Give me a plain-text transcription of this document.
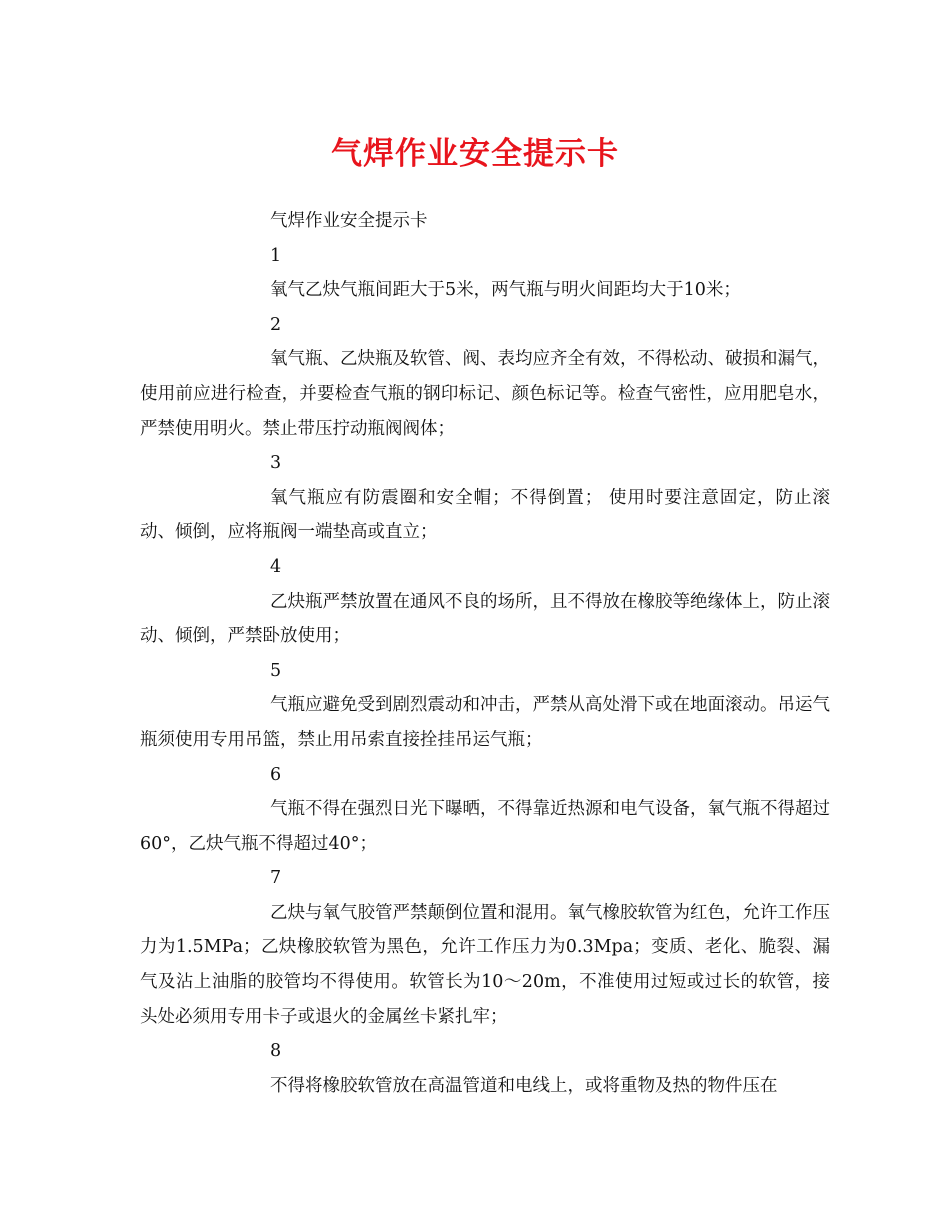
气焊作业安全提示卡

气焊作业安全提示卡

1

氧气乙炔气瓶间距大于5米，两气瓶与明火间距均大于10米；

2

氧气瓶、乙炔瓶及软管、阀、表均应齐全有效，不得松动、破损和漏气，使用前应进行检查，并要检查气瓶的钢印标记、颜色标记等。检查气密性，应用肥皂水，严禁使用明火。禁止带压拧动瓶阀阀体；

3

氧气瓶应有防震圈和安全帽；不得倒置； 使用时要注意固定，防止滚动、倾倒，应将瓶阀一端垫高或直立；

4

乙炔瓶严禁放置在通风不良的场所，且不得放在橡胶等绝缘体上，防止滚动、倾倒，严禁卧放使用；

5

气瓶应避免受到剧烈震动和冲击，严禁从高处滑下或在地面滚动。吊运气瓶须使用专用吊篮，禁止用吊索直接拴挂吊运气瓶；

6

气瓶不得在强烈日光下曝晒，不得靠近热源和电气设备，氧气瓶不得超过60°，乙炔气瓶不得超过40°；

7

乙炔与氧气胶管严禁颠倒位置和混用。氧气橡胶软管为红色，允许工作压力为1.5MPa；乙炔橡胶软管为黑色，允许工作压力为0.3Mpa；变质、老化、脆裂、漏气及沾上油脂的胶管均不得使用。软管长为10～20m，不准使用过短或过长的软管，接头处必须用专用卡子或退火的金属丝卡紧扎牢；

8

不得将橡胶软管放在高温管道和电线上，或将重物及热的物件压在
